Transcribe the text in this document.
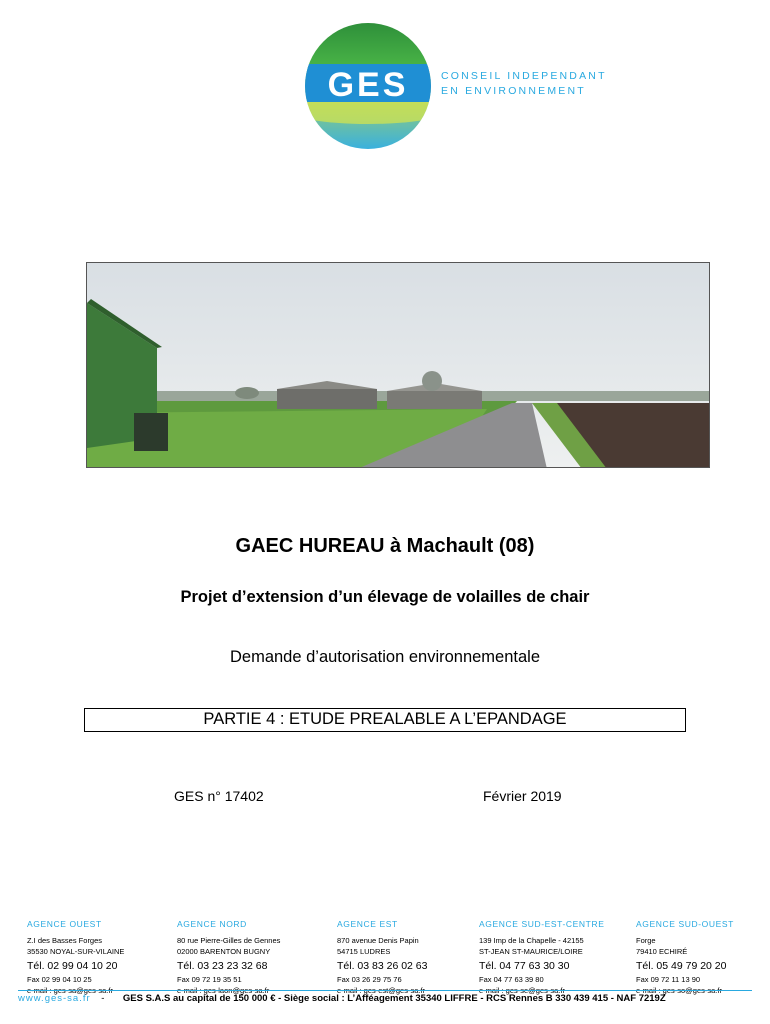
GES	CONSEIL INDEPENDANT
EN ENVIRONNEMENT
GAEC HUREAU à Machault (08)
Projet d’extension d’un élevage de volailles de chair
Demande d’autorisation environnementale
PARTIE 4 : ETUDE PREALABLE A L’EPANDAGE
GES n° 17402	Février 2019
AGENCE OUEST
Z.I des Basses Forges
35530 NOYAL-SUR-VILAINE
Tél. 02 99 04 10 20
Fax 02 99 04 10 25
AGENCE NORD
80 rue Pierre-Gilles de Gennes
02000 BARENTON BUGNY
Tél. 03 23 23 32 68
Fax 09 72 19 35 51
AGENCE EST
870 avenue Denis Papin
54715 LUDRES
Tél. 03 83 26 02 63
Fax 03 26 29 75 76
AGENCE SUD-EST-CENTRE
139 Imp de la Chapelle - 42155
ST-JEAN ST-MAURICE/LOIRE
Tél. 04 77 63 30 30
Fax 04 77 63 39 80
AGENCE SUD-OUEST
Forge
79410 ECHIRÉ
Tél. 05 49 79 20 20
Fax 09 72 11 13 90
www.ges-sa.fr - GES S.A.S au capital de 150 000 € - Siège social : L’Afféagement 35340 LIFFRE - RCS Rennes B 330 439 415 - NAF 7219Z
